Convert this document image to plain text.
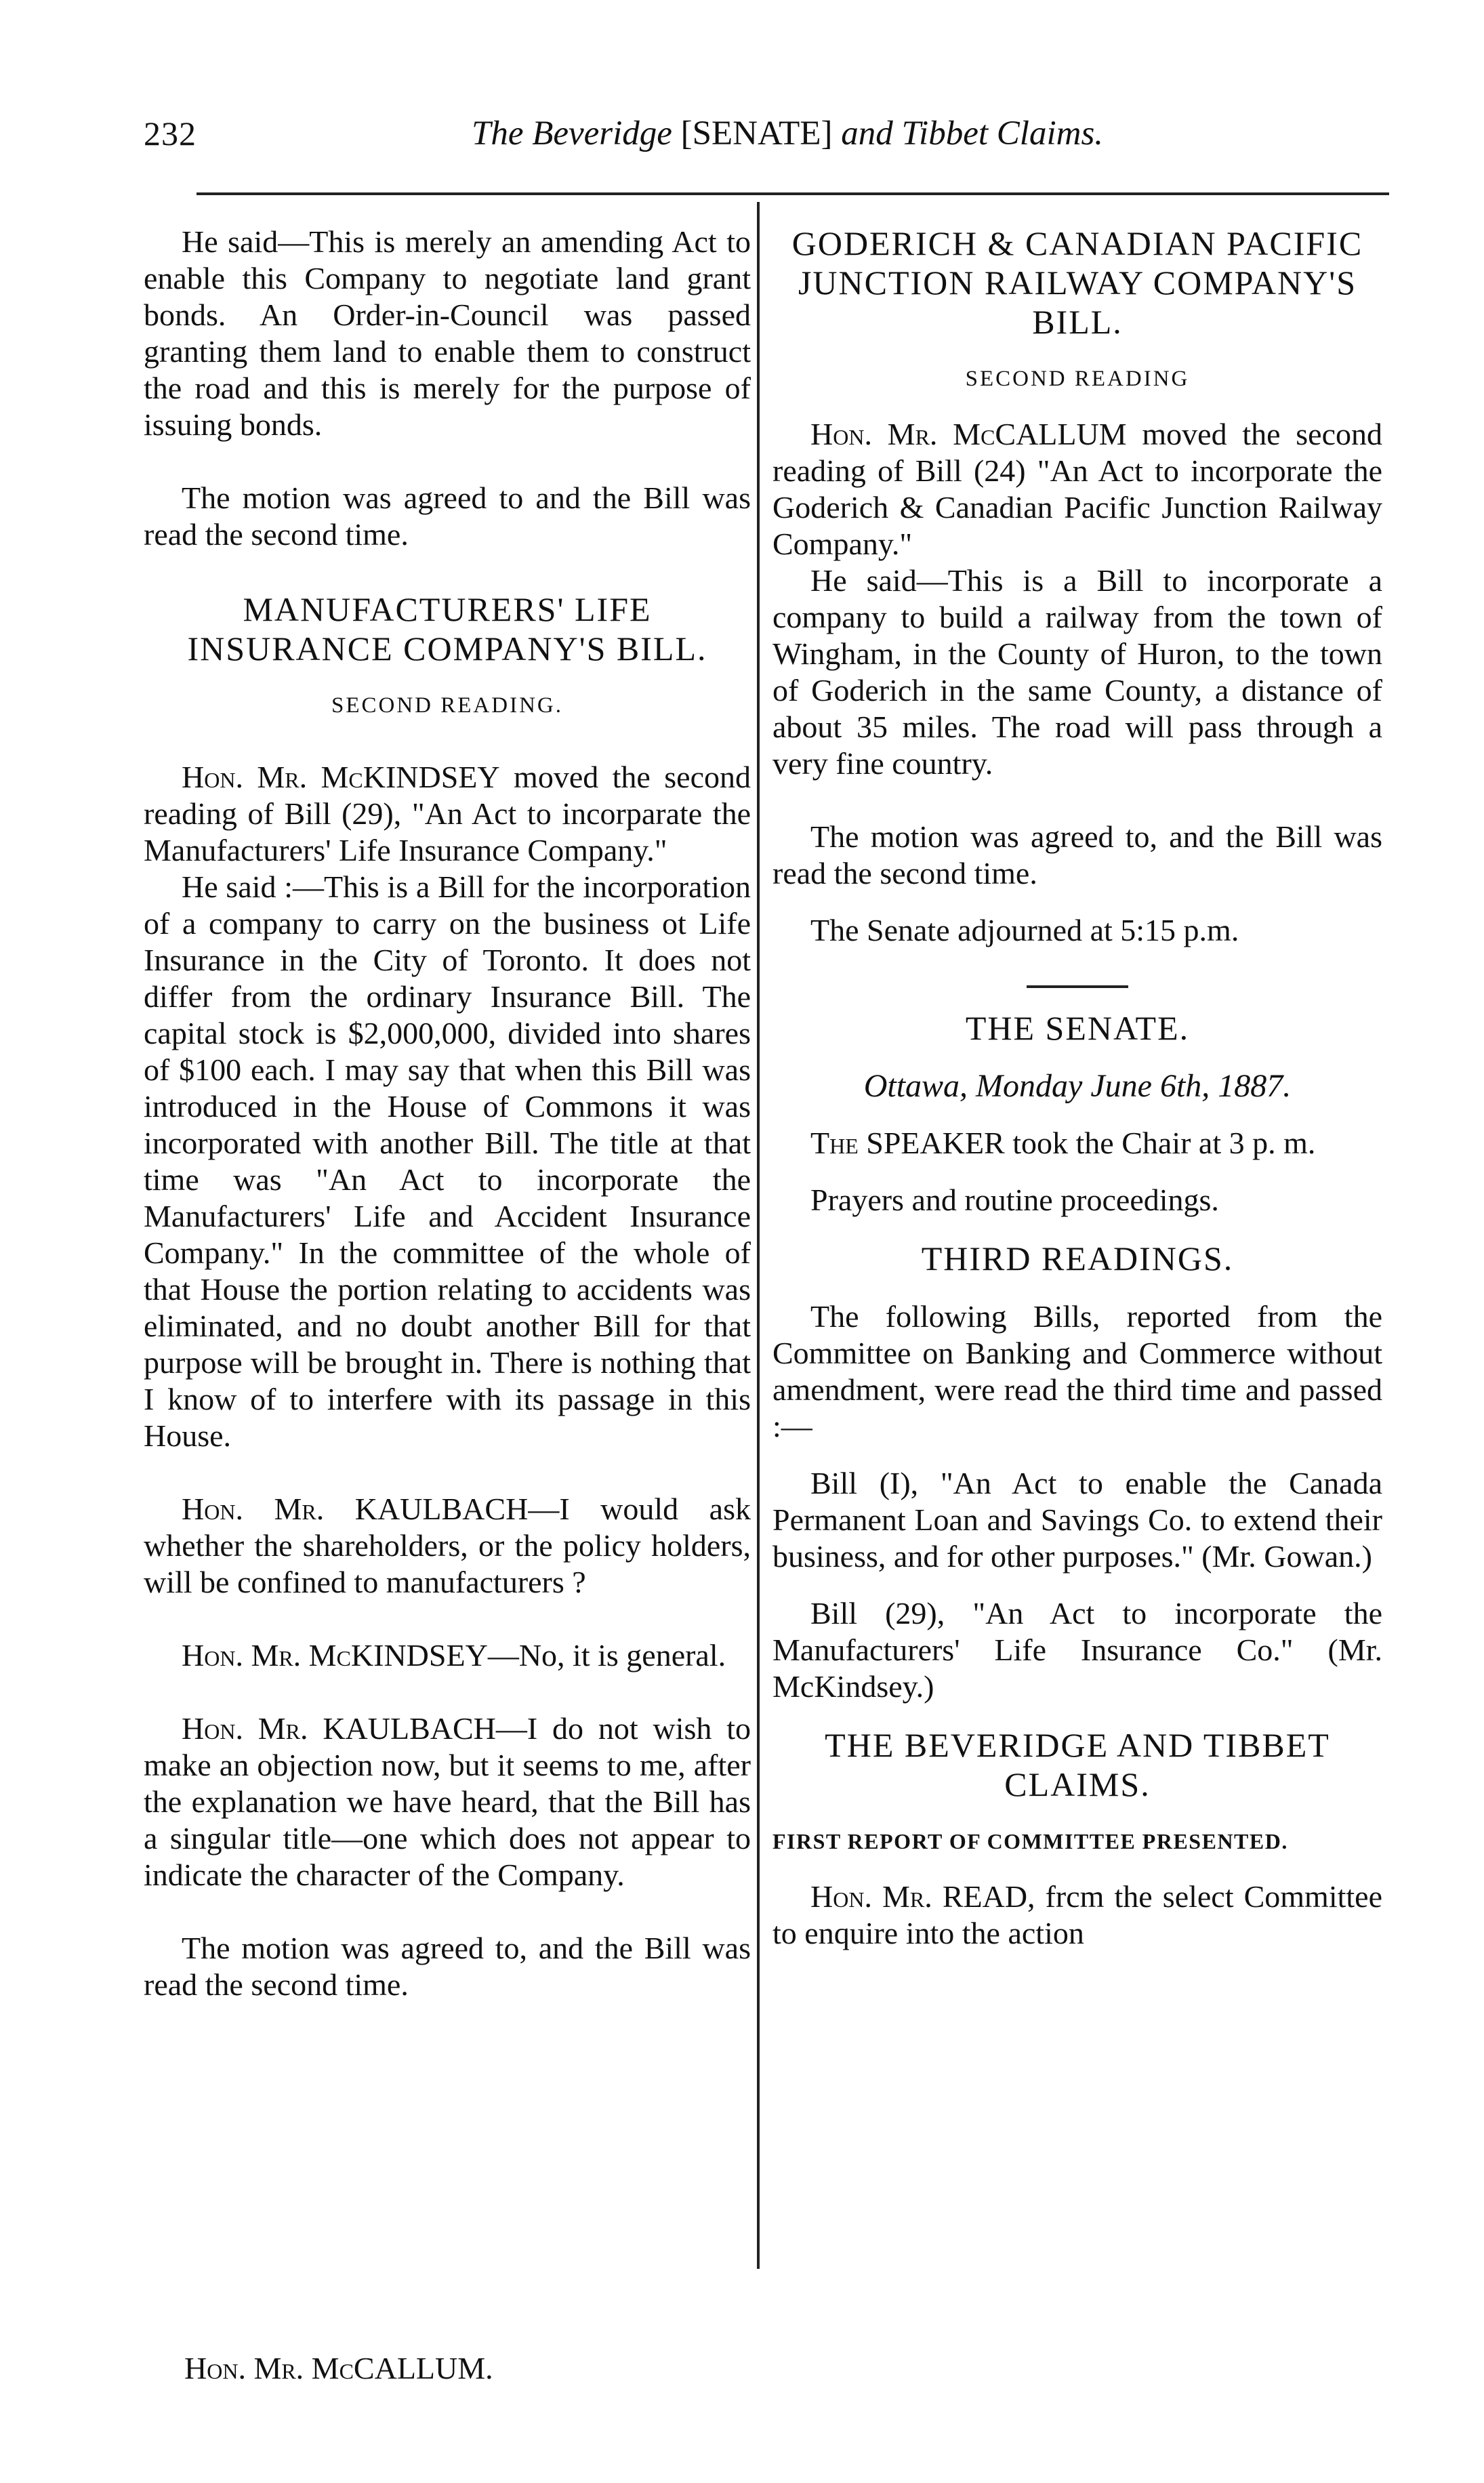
232	The Beveridge [SENATE] and Tibbet Claims.

He said—This is merely an amending Act to enable this Company to negotiate land grant bonds. An Order-in-Council was passed granting them land to enable them to construct the road and this is merely for the purpose of issuing bonds.

The motion was agreed to and the Bill was read the second time.

MANUFACTURERS' LIFE INSURANCE COMPANY'S BILL.
SECOND READING.

Hon. Mr. McKINDSEY moved the second reading of Bill (29), "An Act to incorparate the Manufacturers' Life Insurance Company."

He said :—This is a Bill for the incorporation of a company to carry on the business ot Life Insurance in the City of Toronto. It does not differ from the ordinary Insurance Bill. The capital stock is $2,000,000, divided into shares of $100 each. I may say that when this Bill was introduced in the House of Commons it was incorporated with another Bill. The title at that time was "An Act to incorporate the Manufacturers' Life and Accident Insurance Company." In the committee of the whole of that House the portion relating to accidents was eliminated, and no doubt another Bill for that purpose will be brought in. There is nothing that I know of to interfere with its passage in this House.

Hon. Mr. KAULBACH—I would ask whether the shareholders, or the policy holders, will be confined to manufacturers ?

Hon. Mr. McKINDSEY—No, it is general.

Hon. Mr. KAULBACH—I do not wish to make an objection now, but it seems to me, after the explanation we have heard, that the Bill has a singular title—one which does not appear to indicate the character of the Company.

The motion was agreed to, and the Bill was read the second time.

Hon. Mr. McCALLUM.
GODERICH & CANADIAN PACIFIC JUNCTION RAILWAY COMPANY'S BILL.
SECOND READING

Hon. Mr. McCALLUM moved the second reading of Bill (24) "An Act to incorporate the Goderich & Canadian Pacific Junction Railway Company."

He said—This is a Bill to incorporate a company to build a railway from the town of Wingham, in the County of Huron, to the town of Goderich in the same County, a distance of about 35 miles. The road will pass through a very fine country.

The motion was agreed to, and the Bill was read the second time.

The Senate adjourned at 5:15 p.m.

THE SENATE.
Ottawa, Monday June 6th, 1887.

The SPEAKER took the Chair at 3 p. m.

Prayers and routine proceedings.

THIRD READINGS.

The following Bills, reported from the Committee on Banking and Commerce without amendment, were read the third time and passed :—

Bill (I), "An Act to enable the Canada Permanent Loan and Savings Co. to extend their business, and for other purposes." (Mr. Gowan.)

Bill (29), "An Act to incorporate the Manufacturers' Life Insurance Co." (Mr. McKindsey.)

THE BEVERIDGE AND TIBBET CLAIMS.
FIRST REPORT OF COMMITTEE PRESENTED.

Hon. Mr. READ, frcm the select Committee to enquire into the action
